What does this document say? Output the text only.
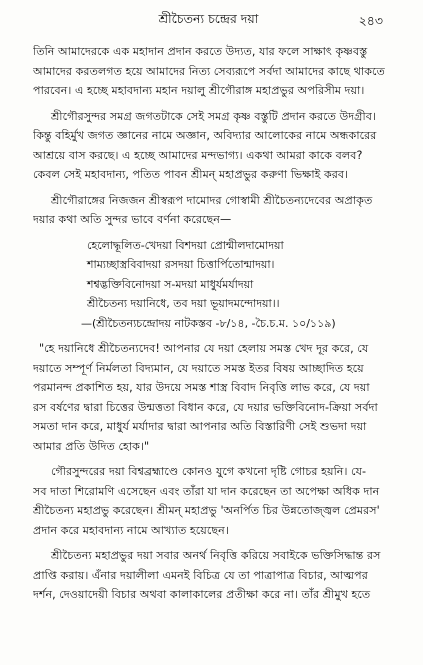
শ্রীচৈতন্য চন্দ্রের দয়া	২৪৩
তিনি আমাদেরকে এক মহাদান প্রদান করতে উদ্যত, যার ফলে সাক্ষাৎ কৃষ্ণবস্তু
আমাদের করতলগত হয়ে আমাদের নিত্য সেব্যরূপে সর্বদা আমাদের কাছে থাকতে
পারবেন। এ হচ্ছে মহাবদান্য মহান দয়ালু শ্রীগৌরাঙ্গ মহাপ্রভুর অপরিসীম দয়া।
শ্রীগৌরসুন্দর সমগ্র জগতটাকে সেই সমগ্র কৃষ্ণ বস্তুটি প্রদান করতে উদগ্রীব।
কিন্তু বহির্মুখ জগত জ্ঞানের নামে অজ্ঞান, অবিদ্যার আলোকের নামে অন্ধকারের
আশ্রয়ে বাস করছে। এ হচ্ছে আমাদের মন্দভাগ্য। একথা আমরা কাকে বলব?
কেবল সেই মহাবদান্য, পতিত পাবন শ্রীমন্ মহাপ্রভুর করুণা ভিক্ষাই করব।
শ্রীগৌরাঙ্গের নিজজন শ্রীস্বরূপ দামোদর গোস্বামী শ্রীচৈতন্যদেবের অপ্রাকৃত
দয়ার কথা অতি সুন্দর ভাবে বর্ণনা করেছেন—
হেলোদ্ধূলিত-খেদয়া বিশদয়া প্রোন্মীলদামোদয়া
শাম্যচ্ছাস্ত্রবিবাদয়া রসদয়া চিত্তার্পিতোন্মাদয়া।
শশ্বদ্ভক্তিবিনোদয়া স-মদয়া মাধুর্যমর্যাদয়া
শ্রীচৈতন্য দয়ানিধে, তব দয়া ভূয়াদমন্দোদয়া।।
—(শ্রীচৈতন্যচন্দ্রোদয় নাটকস্তব -৮/১৪, -চৈ.চ.ম. ১০/১১৯)
"হে দয়ানিধে শ্রীচৈতন্যদেব! আপনার যে দয়া হেলায় সমস্ত খেদ দূর করে, যে
দয়াতে সম্পূর্ণ নির্মলতা বিদ্যমান, যে দয়াতে সমস্ত ইতর বিষয় আচ্ছাদিত হয়ে
পরমানন্দ প্রকাশিত হয়, যার উদয়ে সমস্ত শাস্ত্র বিবাদ নিবৃত্তি লাভ করে, যে দয়া
রস বর্ষণের দ্বারা চিত্তের উন্মত্ততা বিধান করে, যে দয়ার ভক্তিবিনোদ-ক্রিয়া সর্বদা
সমতা দান করে, মাধুর্য মর্যাদার দ্বারা আপনার অতি বিস্তারিণী সেই শুভদা দয়া
আমার প্রতি উদিত হোক।"
গৌরসুন্দরের দয়া বিশ্বব্রহ্মাণ্ডে কোনও যুগে কখনো দৃষ্টি গোচর হয়নি। যে-
সব দাতা শিরোমণি এসেছেন এবং তাঁরা যা দান করেছেন তা অপেক্ষা অধিক দান
শ্রীচৈতন্য মহাপ্রভু করেছেন। শ্রীমন্ মহাপ্রভু 'অনর্পিত চির উন্নতোজ্জ্বল প্রেমরস'
প্রদান করে মহাবদান্য নামে আখ্যাত হয়েছেন।
শ্রীচৈতন্য মহাপ্রভুর দয়া সবার অনর্থ নিবৃত্তি করিয়ে সবাইকে ভক্তিসিদ্ধান্ত রস
প্রাপ্তি করায়। এঁনার দয়ালীলা এমনই বিচিত্র যে তা পাত্রাপাত্র বিচার, আত্মপর
দর্শন, দেওয়াদেয়ী বিচার অথবা কালাকালের প্রতীক্ষা করে না। তাঁর শ্রীমুখ হতে
